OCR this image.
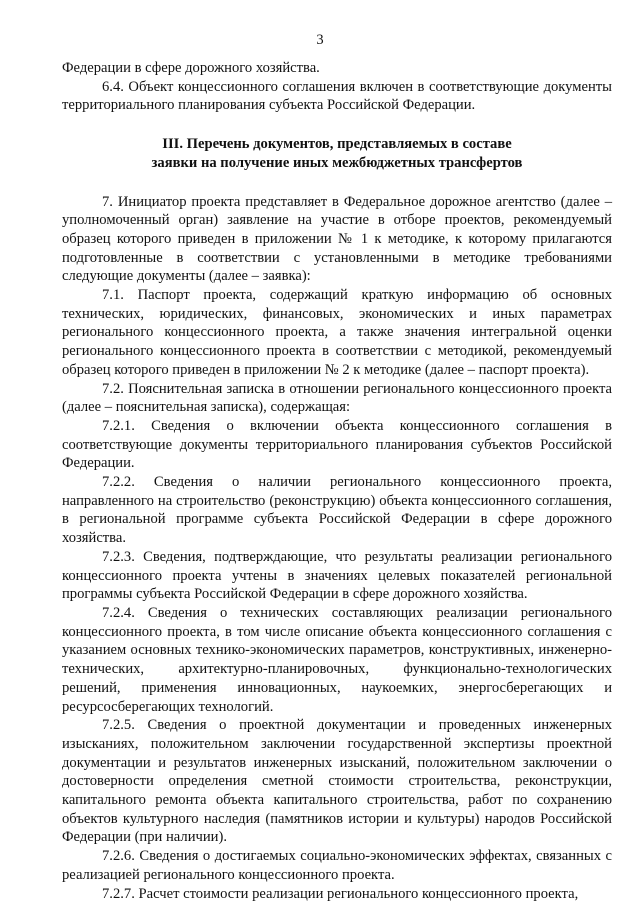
3

Федерации в сфере дорожного хозяйства.

6.4. Объект концессионного соглашения включен в соответствующие документы территориального планирования субъекта Российской Федерации.

III. Перечень документов, представляемых в составе
заявки на получение иных межбюджетных трансфертов

7. Инициатор проекта представляет в Федеральное дорожное агентство (далее – уполномоченный орган) заявление на участие в отборе проектов, рекомендуемый образец которого приведен в приложении № 1 к методике, к которому прилагаются подготовленные в соответствии с установленными в методике требованиями следующие документы (далее – заявка):

7.1. Паспорт проекта, содержащий краткую информацию об основных технических, юридических, финансовых, экономических и иных параметрах регионального концессионного проекта, а также значения интегральной оценки регионального концессионного проекта в соответствии с методикой, рекомендуемый образец которого приведен в приложении № 2 к методике (далее – паспорт проекта).

7.2. Пояснительная записка в отношении регионального концессионного проекта (далее – пояснительная записка), содержащая:

7.2.1. Сведения о включении объекта концессионного соглашения в соответствующие документы территориального планирования субъектов Российской Федерации.

7.2.2. Сведения о наличии регионального концессионного проекта, направленного на строительство (реконструкцию) объекта концессионного соглашения, в региональной программе субъекта Российской Федерации в сфере дорожного хозяйства.

7.2.3. Сведения, подтверждающие, что результаты реализации регионального концессионного проекта учтены в значениях целевых показателей региональной программы субъекта Российской Федерации в сфере дорожного хозяйства.

7.2.4. Сведения о технических составляющих реализации регионального концессионного проекта, в том числе описание объекта концессионного соглашения с указанием основных технико-экономических параметров, конструктивных, инженерно-технических, архитектурно-планировочных, функционально-технологических решений, применения инновационных, наукоемких, энергосберегающих и ресурсосберегающих технологий.

7.2.5. Сведения о проектной документации и проведенных инженерных изысканиях, положительном заключении государственной экспертизы проектной документации и результатов инженерных изысканий, положительном заключении о достоверности определения сметной стоимости строительства, реконструкции, капитального ремонта объекта капитального строительства, работ по сохранению объектов культурного наследия (памятников истории и культуры) народов Российской Федерации (при наличии).

7.2.6. Сведения о достигаемых социально-экономических эффектах, связанных с реализацией регионального концессионного проекта.

7.2.7. Расчет стоимости реализации регионального концессионного проекта,
